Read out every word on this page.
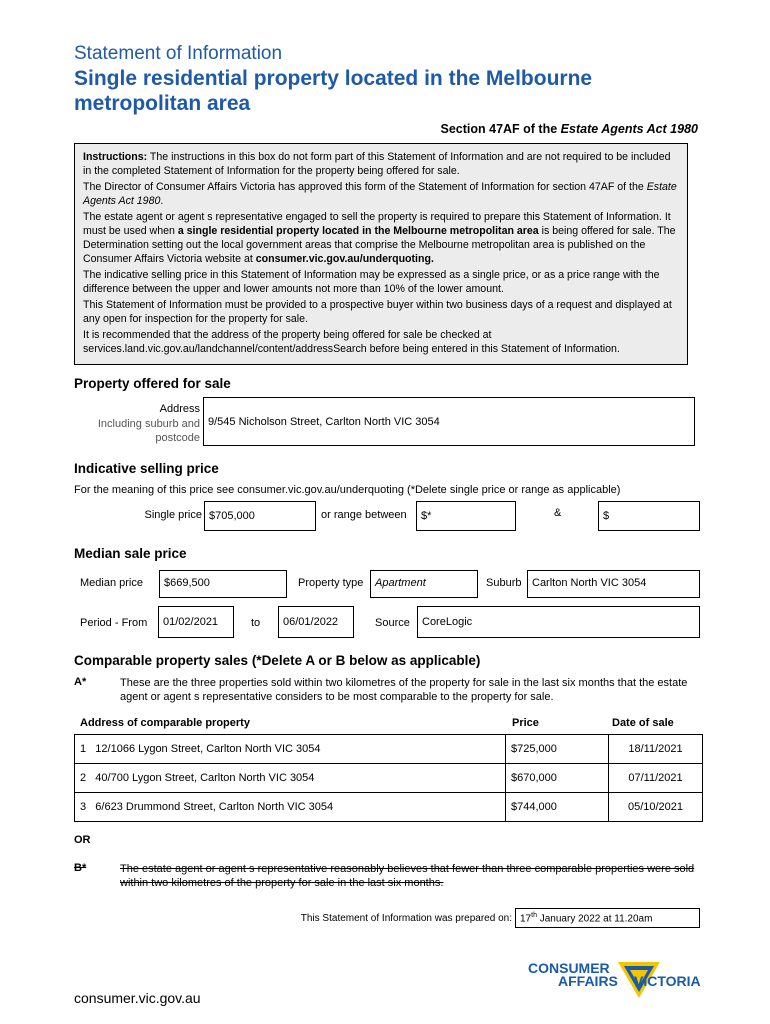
Statement of Information
Single residential property located in the Melbourne metropolitan area
Section 47AF of the Estate Agents Act 1980

Instructions: The instructions in this box do not form part of this Statement of Information and are not required to be included in the completed Statement of Information for the property being offered for sale.

The Director of Consumer Affairs Victoria has approved this form of the Statement of Information for section 47AF of the Estate Agents Act 1980.

The estate agent or agent s representative engaged to sell the property is required to prepare this Statement of Information. It must be used when a single residential property located in the Melbourne metropolitan area is being offered for sale. The Determination setting out the local government areas that comprise the Melbourne metropolitan area is published on the Consumer Affairs Victoria website at consumer.vic.gov.au/underquoting.

The indicative selling price in this Statement of Information may be expressed as a single price, or as a price range with the difference between the upper and lower amounts not more than 10% of the lower amount.

This Statement of Information must be provided to a prospective buyer within two business days of a request and displayed at any open for inspection for the property for sale.

It is recommended that the address of the property being offered for sale be checked at services.land.vic.gov.au/landchannel/content/addressSearch before being entered in this Statement of Information.

Property offered for sale
Address
Including suburb and
postcode
9/545 Nicholson Street, Carlton North VIC 3054
Indicative selling price
For the meaning of this price see consumer.vic.gov.au/underquoting (*Delete single price or range as applicable)
Single price $705,000	or range between	$*	&	$
Median sale price
Median price	$669,500	Property type	Apartment	Suburb Carlton North VIC 3054
Period - From	01/02/2021	to	06/01/2022	Source	CoreLogic
Comparable property sales (*Delete A or B below as applicable)
A*	These are the three properties sold within two kilometres of the property for sale in the last six months that the estate agent or agent s representative considers to be most comparable to the property for sale.
Address of comparable property	Price	Date of sale
1 12/1066 Lygon Street, Carlton North VIC 3054	$725,000	18/11/2021
2 40/700 Lygon Street, Carlton North VIC 3054	$670,000	07/11/2021
3 6/623 Drummond Street, Carlton North VIC 3054	$744,000	05/10/2021
OR
B*	The estate agent or agent s representative reasonably believes that fewer than three comparable properties were sold within two kilometres of the property for sale in the last six months.
This Statement of Information was prepared on: 17th January 2022 at 11.20am
CONSUMER
AFFAIRS VICTORIA
consumer.vic.gov.au
